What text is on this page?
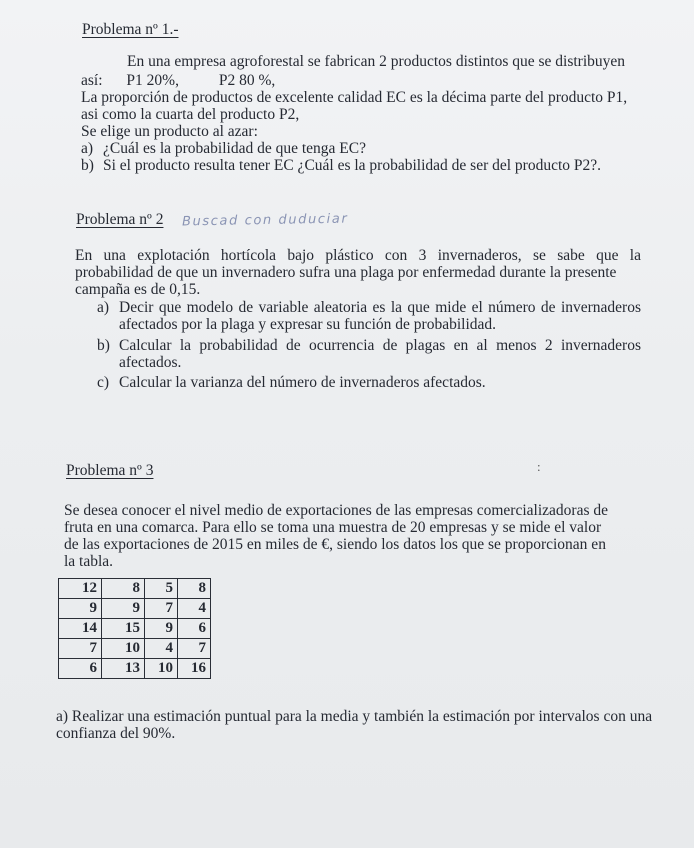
Problema nº 1.-

En una empresa agroforestal se fabrican 2 productos distintos que se distribuyen

así: P1 20%,	P2 80 %,

La proporción de productos de excelente calidad EC es la décima parte del producto P1,

asi como la cuarta del producto P2,

Se elige un producto al azar:

a) ¿Cuál es la probabilidad de que tenga EC?
b) Si el producto resulta tener EC ¿Cuál es la probabilidad de ser del producto P2?.
Problema nº 2 Buscad con duduciar

En una explotación hortícola bajo plástico con 3 invernaderos, se sabe que la

probabilidad de que un invernadero sufra una plaga por enfermedad durante la presente

campaña es de 0,15.

a) Decir que modelo de variable aleatoria es la que mide el número de invernaderos afectados por la plaga y expresar su función de probabilidad.
b) Calcular la probabilidad de ocurrencia de plagas en al menos 2 invernaderos afectados.
c) Calcular la varianza del número de invernaderos afectados.
Problema nº 3	:

Se desea conocer el nivel medio de exportaciones de las empresas comercializadoras de

fruta en una comarca. Para ello se toma una muestra de 20 empresas y se mide el valor

de las exportaciones de 2015 en miles de €, siendo los datos los que se proporcionan en

la tabla.

12	8	5	8
9	9	7	4
14	15	9	6
7	10	4	7
6	13	10	16
a) Realizar una estimación puntual para la media y también la estimación por intervalos con una confianza del 90%.
